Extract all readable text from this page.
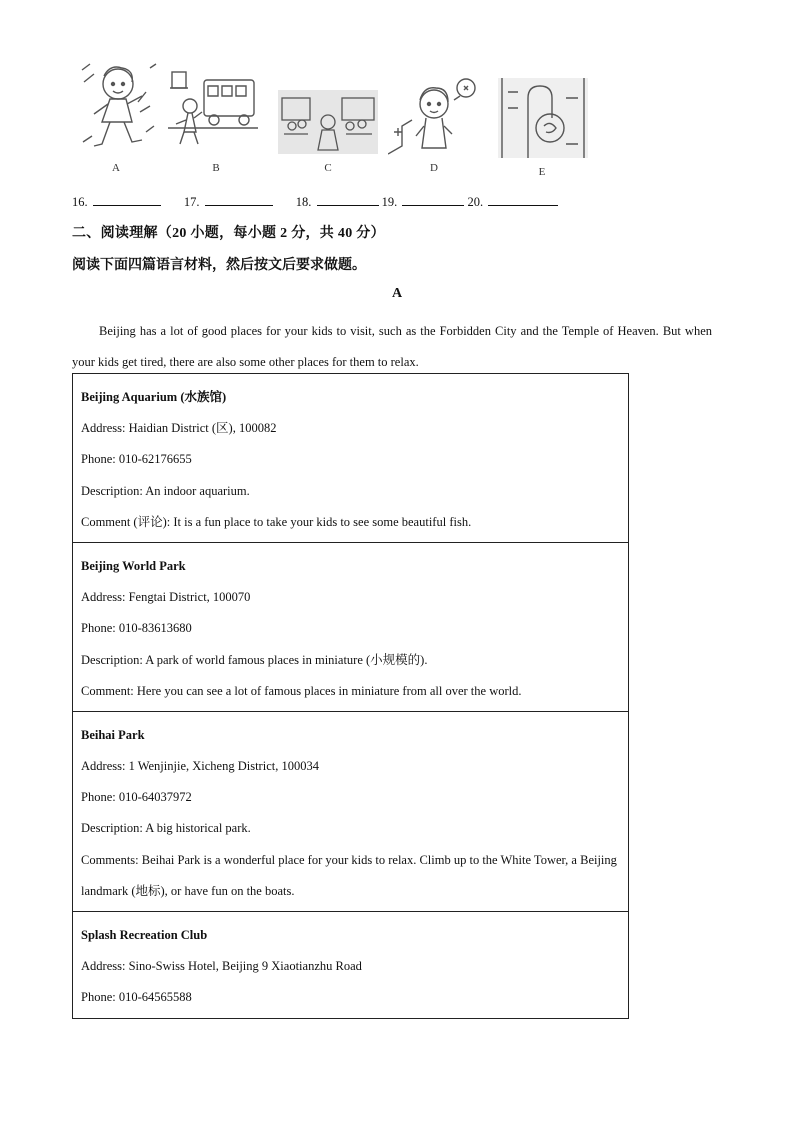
A	B	C	D	E
16.	17.	18.	19.	20.
二、阅读理解（20 小题，每小题 2 分，共 40 分）
阅读下面四篇语言材料，然后按文后要求做题。
A
Beijing has a lot of good places for your kids to visit, such as the Forbidden City and the Temple of Heaven. But when your kids get tired, there are also some other places for them to relax.
Beijing Aquarium (水族馆)
Address: Haidian District (区), 100082
Phone: 010-62176655
Description: An indoor aquarium.
Comment (评论): It is a fun place to take your kids to see some beautiful fish.
Beijing World Park
Address: Fengtai District, 100070
Phone: 010-83613680
Description: A park of world famous places in miniature (小规模的).
Comment: Here you can see a lot of famous places in miniature from all over the world.
Beihai Park
Address: 1 Wenjinjie, Xicheng District, 100034
Phone: 010-64037972
Description: A big historical park.
Comments: Beihai Park is a wonderful place for your kids to relax. Climb up to the White Tower, a Beijing landmark (地标), or have fun on the boats.
Splash Recreation Club
Address: Sino-Swiss Hotel, Beijing 9 Xiaotianzhu Road
Phone: 010-64565588
